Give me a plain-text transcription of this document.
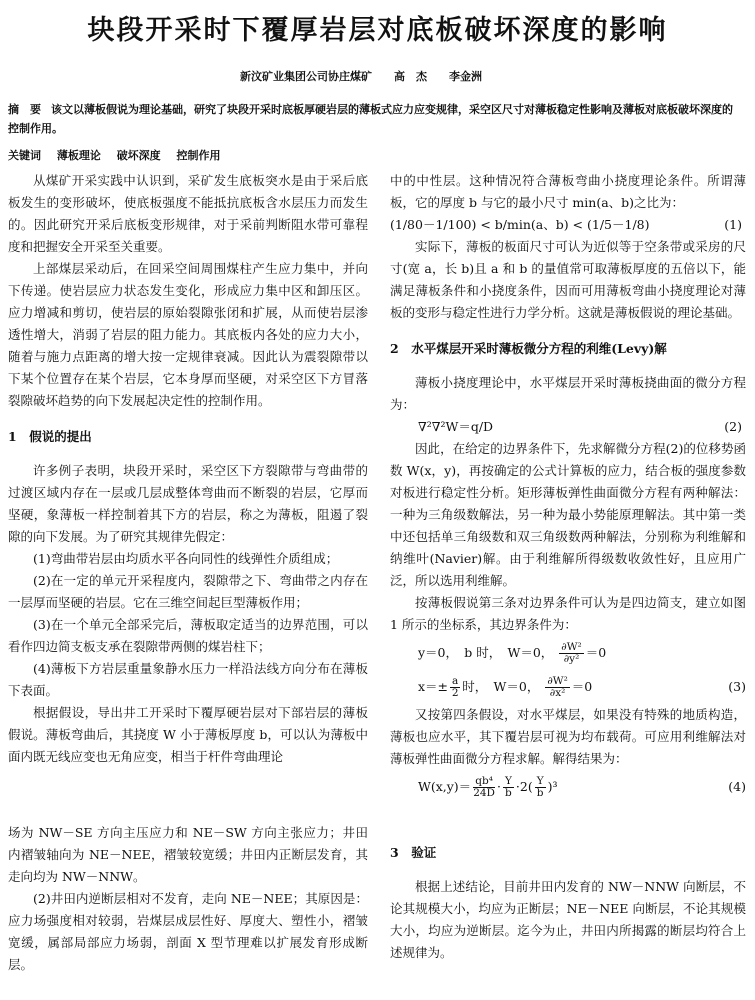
块段开采时下覆厚岩层对底板破坏深度的影响
新汶矿业集团公司协庄煤矿　　高　杰　　李金洲
摘　要 该文以薄板假说为理论基础，研究了块段开采时底板厚硬岩层的薄板式应力应变规律，采空区尺寸对薄板稳定性影响及薄板对底板破坏深度的控制作用。
关键词 薄板理论 破坏深度 控制作用

从煤矿开采实践中认识到，采矿发生底板突水是由于采后底板发生的变形破坏，使底板强度不能抵抗底板含水层压力而发生的。因此研究开采后底板变形规律，对于采前判断阻水带可靠程度和把握安全开采至关重要。

上部煤层采动后，在回采空间周围煤柱产生应力集中，并向下传递。使岩层应力状态发生变化，形成应力集中区和卸压区。应力增减和剪切，使岩层的原始裂隙张闭和扩展，从而使岩层渗透性增大，消弱了岩层的阻力能力。其底板内各处的应力大小，随着与施力点距离的增大按一定规律衰减。因此认为震裂隙带以下某个位置存在某个岩层，它本身厚而坚硬，对采空区下方冒落裂隙破坏趋势的向下发展起决定性的控制作用。

1　假说的提出

许多例子表明，块段开采时，采空区下方裂隙带与弯曲带的过渡区域内存在一层或几层成整体弯曲而不断裂的岩层，它厚而坚硬，象薄板一样控制着其下方的岩层，称之为薄板，阻遏了裂隙的向下发展。为了研究其规律先假定：

(1)弯曲带岩层由均质水平各向同性的线弹性介质组成；

(2)在一定的单元开采程度内，裂隙带之下、弯曲带之内存在一层厚而坚硬的岩层。它在三维空间起巨型薄板作用；

(3)在一个单元全部采完后，薄板取定适当的边界范围，可以看作四边简支板支承在裂隙带两侧的煤岩柱下；

(4)薄板下方岩层重量象静水压力一样沿法线方向分布在薄板下表面。

根据假设，导出井工开采时下覆厚硬岩层对下部岩层的薄板假说。薄板弯曲后，其挠度 W 小于薄板厚度 b，可以认为薄板中面内既无线应变也无角应变，相当于杆件弯曲理论

中的中性层。这种情况符合薄板弯曲小挠度理论条件。所谓薄板，它的厚度 b 与它的最小尺寸 min(a、b)之比为：

(1/80－1/100) < b/min(a、b) < (1/5－1/8)	(1)

实际下，薄板的板面尺寸可认为近似等于空条带或采房的尺寸(宽 a，长 b)且 a 和 b 的量值常可取薄板厚度的五倍以下，能满足薄板条件和小挠度条件，因而可用薄板弯曲小挠度理论对薄板的变形与稳定性进行力学分析。这就是薄板假说的理论基础。

2　水平煤层开采时薄板微分方程的利维(Levy)解

薄板小挠度理论中，水平煤层开采时薄板挠曲面的微分方程为：

∇²∇²W＝q/D	(2)

因此，在给定的边界条件下，先求解微分方程(2)的位移势函数 W(x，y)，再按确定的公式计算板的应力，结合板的强度参数对板进行稳定性分析。矩形薄板弹性曲面微分方程有两种解法：一种为三角级数解法，另一种为最小势能原理解法。其中第一类中还包括单三角级数和双三角级数两种解法，分别称为利维解和纳维叶(Navier)解。由于利维解所得级数收敛性好，且应用广泛，所以选用利维解。

按薄板假说第三条对边界条件可认为是四边简支，建立如图 1 所示的坐标系，其边界条件为：

y＝0，　b 时，　W＝0， $\frac{\text{∂W²}}{\text{∂y²}} =0$
$x=\pm \frac{a}{2}$ 时，　W＝0， $\frac{\text{∂W²}}{\text{∂x²}} =0$	(3)

又按第四条假设，对水平煤层，如果没有特殊的地质构造，薄板也应水平，其下覆岩层可视为均布载荷。可应用利维解法对薄板弹性曲面微分方程求解。解得结果为：

$W(x,y)= \frac{\text{qb⁴}}{24D} \cdot \frac{Y}{b} \cdot 2( \frac{Y}{b} )^3$	(4)

场为 NW－SE 方向主压应力和 NE－SW 方向主张应力；井田内褶皱轴向为 NE－NEE，褶皱较宽缓；井田内正断层发育，其走向均为 NW－NNW。

(2)井田内逆断层相对不发育，走向 NE－NEE；其原因是：应力场强度相对较弱，岩煤层成层性好、厚度大、塑性小，褶皱宽缓，属部局部应力场弱，剖面 X 型节理难以扩展发育形成断层。

3　验证

根据上述结论，目前井田内发育的 NW－NNW 向断层，不论其规模大小，均应为正断层；NE－NEE 向断层，不论其规模大小，均应为逆断层。迄今为止，井田内所揭露的断层均符合上述规律为。
